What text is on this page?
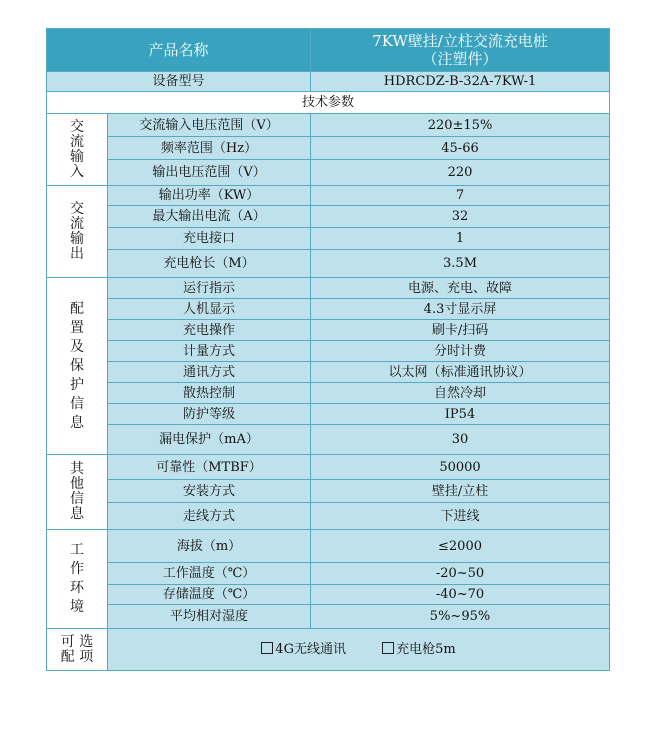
产品名称		7KW壁挂/立柱交流充电桩
（注塑件）

设备型号		HDRCDZ-B-32A-7KW-1
技术参数		

交流输入	交流输入电压范围（V）	220±15%
	频率范围（Hz）	45-66
	输出电压范围（V）	220

交流输出	输出功率（KW）	7
	最大输出电流（A）	32
	充电接口	1
	充电枪长（M）	3.5M

配置及保护信息	运行指示	电源、充电、故障
	人机显示	4.3寸显示屏
	充电操作	刷卡/扫码
	计量方式	分时计费
	通讯方式	以太网（标准通讯协议）
	散热控制	自然冷却
	防护等级	IP54
	漏电保护（mA）	30

其他信息	可靠性（MTBF）	50000
	安装方式	壁挂/立柱
	走线方式	下进线

工作环境	海拔（m）	≤2000
	工作温度（℃）	-20~50
	存储温度（℃）	-40~70
	平均相对湿度	5%~95%

可 选
配 项	4G无线通讯 充电枪5m	
